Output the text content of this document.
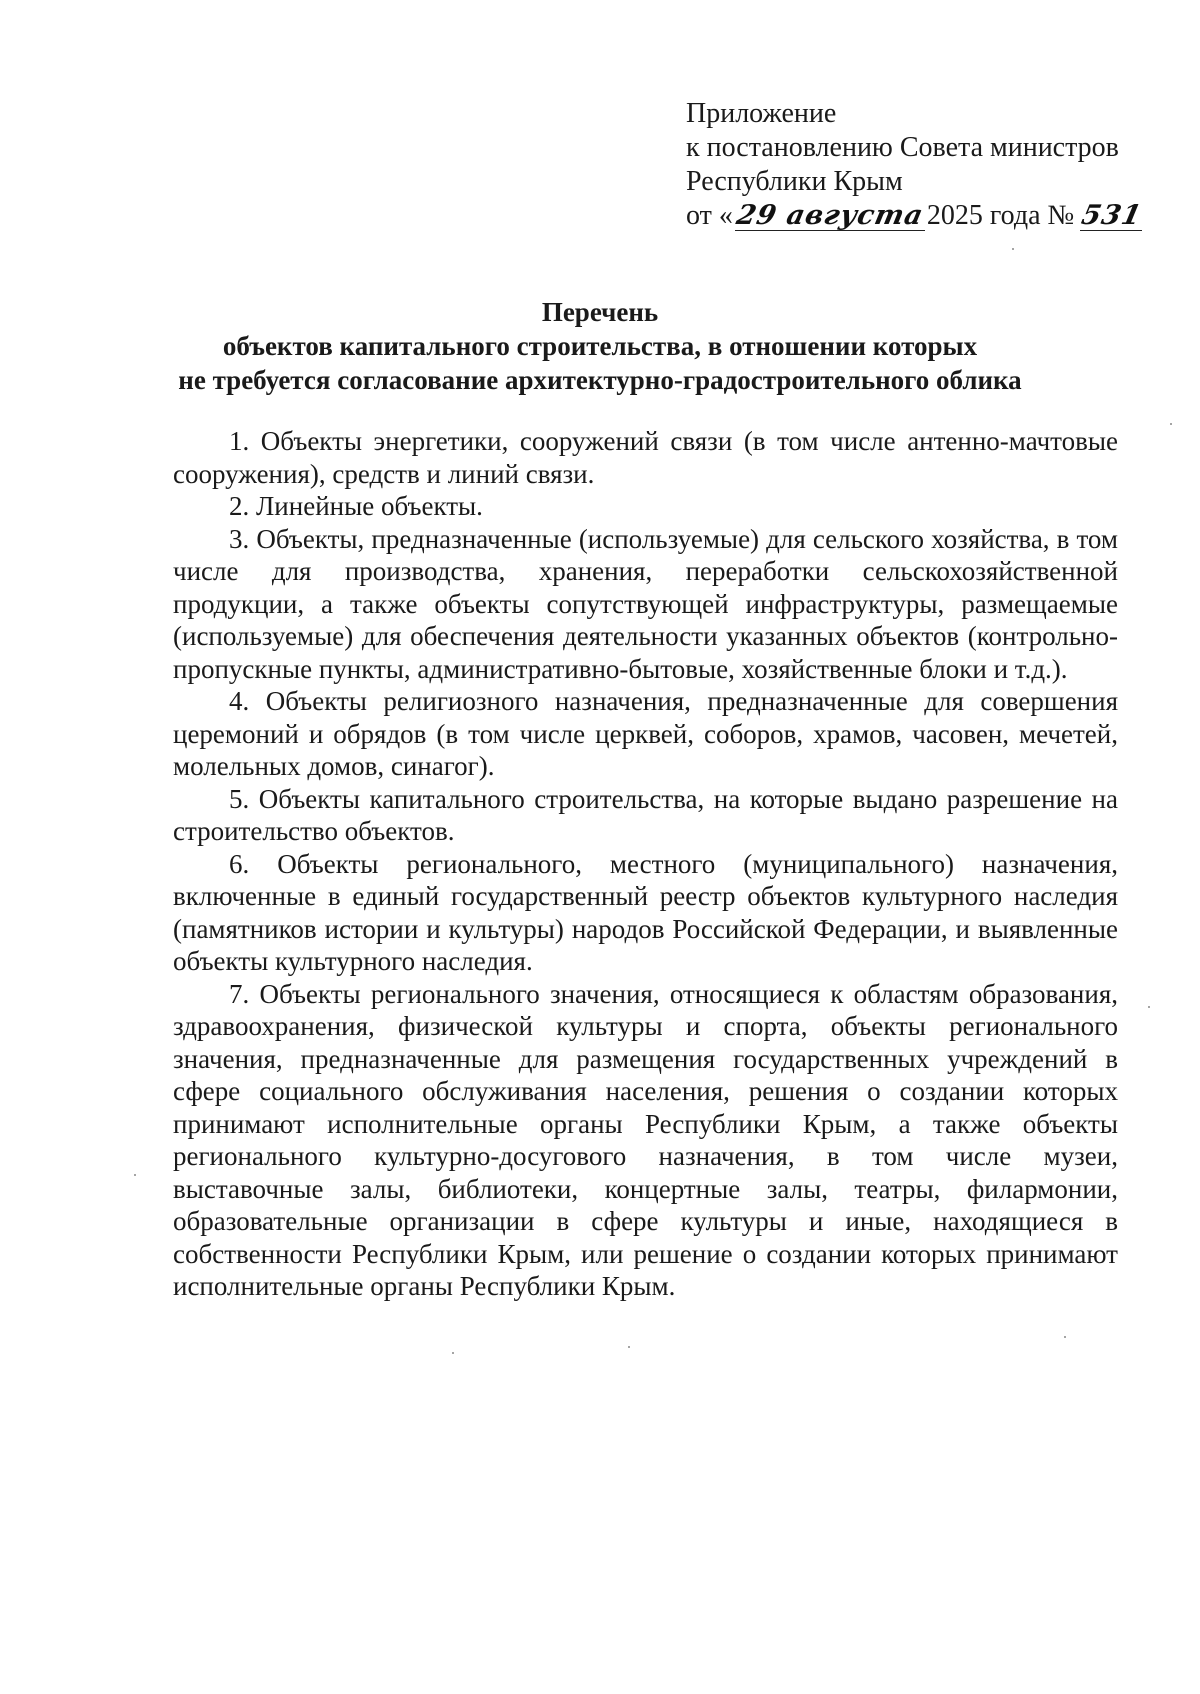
Приложение
к постановлению Совета министров
Республики Крым
от «29 августа2025 года № 531
Перечень
объектов капитального строительства, в отношении которых
не требуется согласование архитектурно-градостроительного облика

1. Объекты энергетики, сооружений связи (в том числе антенно-мачтовые сооружения), средств и линий связи.

2. Линейные объекты.

3. Объекты, предназначенные (используемые) для сельского хозяйства, в том числе для производства, хранения, переработки сельскохозяйственной продукции, а также объекты сопутствующей инфраструктуры, размещаемые (используемые) для обеспечения деятельности указанных объектов (контрольно-пропускные пункты, административно-бытовые, хозяйственные блоки и т.д.).

4. Объекты религиозного назначения, предназначенные для совершения церемоний и обрядов (в том числе церквей, соборов, храмов, часовен, мечетей, молельных домов, синагог).

5. Объекты капитального строительства, на которые выдано разрешение на строительство объектов.

6. Объекты регионального, местного (муниципального) назначения, включенные в единый государственный реестр объектов культурного наследия (памятников истории и культуры) народов Российской Федерации, и выявленные объекты культурного наследия.

7. Объекты регионального значения, относящиеся к областям образования, здравоохранения, физической культуры и спорта, объекты регионального значения, предназначенные для размещения государственных учреждений в сфере социального обслуживания населения, решения о создании которых принимают исполнительные органы Республики Крым, а также объекты регионального культурно-досугового назначения, в том числе музеи, выставочные залы, библиотеки, концертные залы, театры, филармонии, образовательные организации в сфере культуры и иные, находящиеся в собственности Республики Крым, или решение о создании которых принимают исполнительные органы Республики Крым.
